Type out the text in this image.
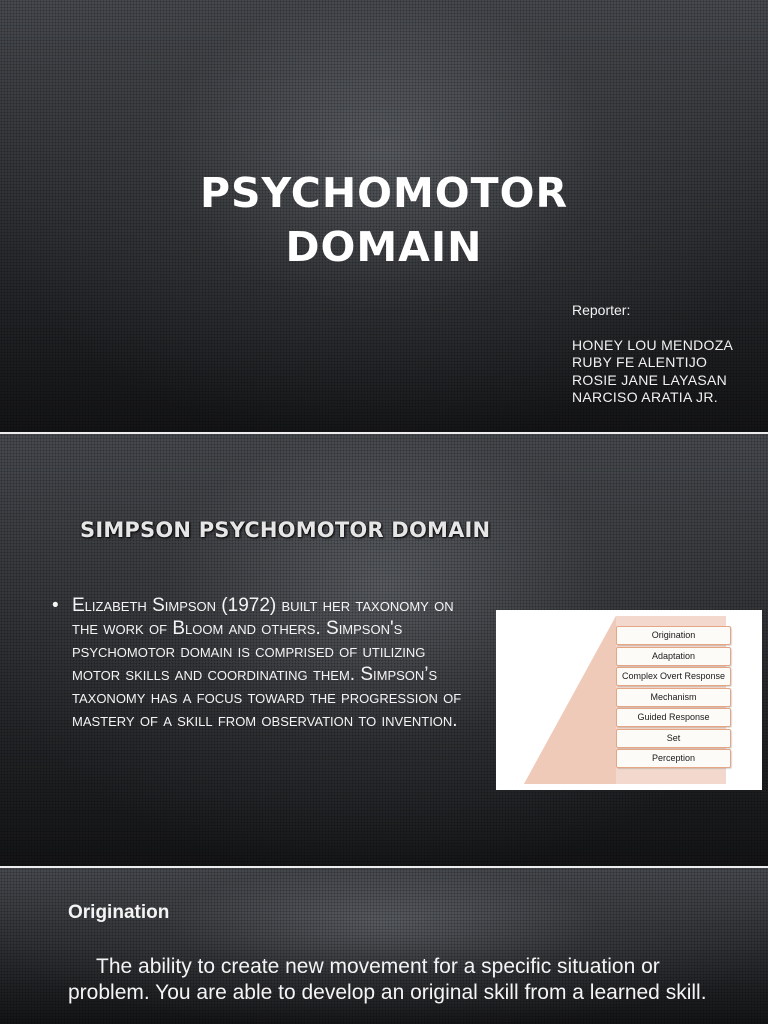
PSYCHOMOTOR
DOMAIN
Reporter:
HONEY LOU MENDOZA
RUBY FE ALENTIJO
ROSIE JANE LAYASAN
NARCISO ARATIA JR.
SIMPSON PSYCHOMOTOR DOMAIN
• Elizabeth Simpson (1972) built her taxonomy on the work of Bloom and others. Simpson's psychomotor domain is comprised of utilizing motor skills and coordinating them. Simpson’s taxonomy has a focus toward the progression of mastery of a skill from observation to invention.
Origination
Adaptation
Complex Overt Response
Mechanism
Guided Response
Set
Perception
Origination
The ability to create new movement for a specific situation or problem. You are able to develop an original skill from a learned skill.
